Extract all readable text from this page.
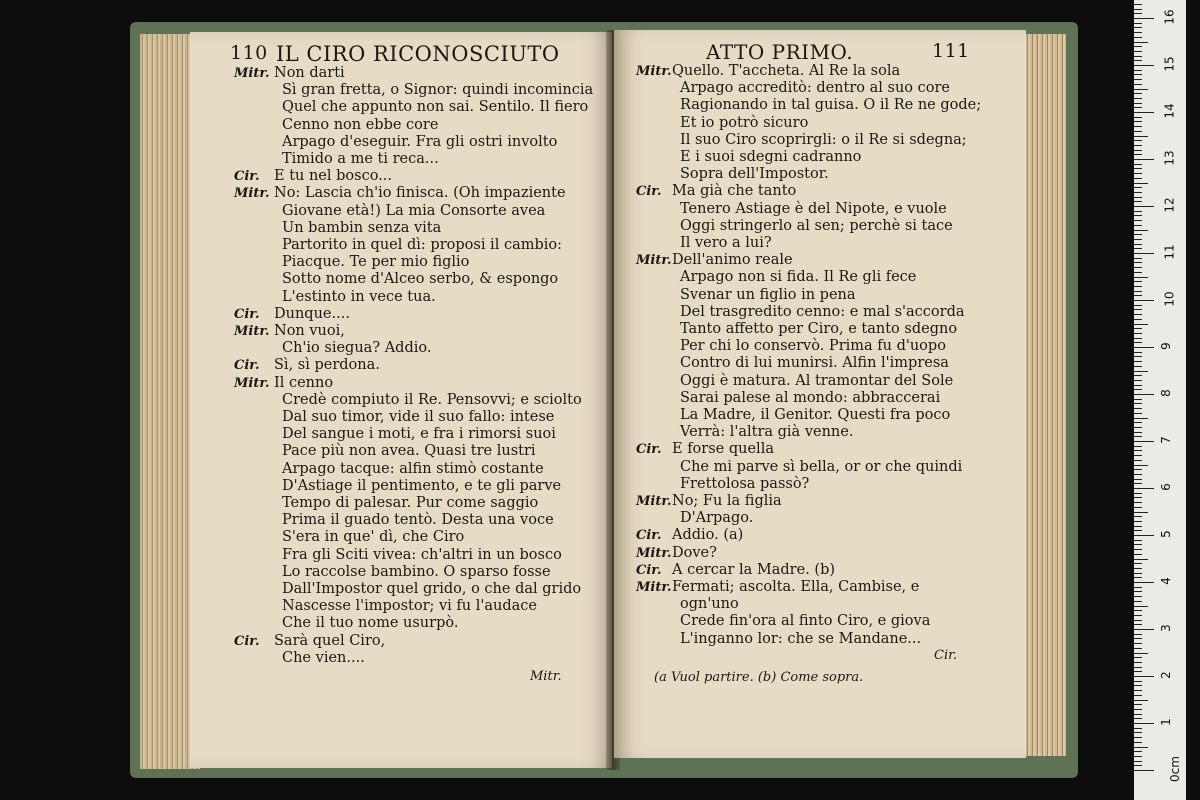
110 IL CIRO RICONOSCIUTO
Mitr. Non darti
Sì gran fretta, o Signor: quindi incomincia
Quel che appunto non sai. Sentilo. Il fiero
Cenno non ebbe core
Arpago d'eseguir. Fra gli ostri involto
Timido a me ti reca...
Cir. E tu nel bosco...
Mitr. No: Lascia ch'io finisca. (Oh impaziente
Giovane età!) La mia Consorte avea
Un bambin senza vita
Partorito in quel dì: proposi il cambio:
Piacque. Te per mio figlio
Sotto nome d'Alceo serbo, & espongo
L'estinto in vece tua.
Cir. Dunque....
Mitr. Non vuoi,
Ch'io siegua? Addio.
Cir. Sì, sì perdona.
Mitr. Il cenno
Credè compiuto il Re. Pensovvi; e sciolto
Dal suo timor, vide il suo fallo: intese
Del sangue i moti, e fra i rimorsi suoi
Pace più non avea. Quasi tre lustri
Arpago tacque: alfin stimò costante
D'Astiage il pentimento, e te gli parve
Tempo di palesar. Pur come saggio
Prima il guado tentò. Desta una voce
S'era in que' dì, che Ciro
Fra gli Sciti vivea: ch'altri in un bosco
Lo raccolse bambino. O sparso fosse
Dall'Impostor quel grido, o che dal grido
Nascesse l'impostor; vi fu l'audace
Che il tuo nome usurpò.
Cir. Sarà quel Ciro,
Che vien....
Mitr.
ATTO PRIMO.	111
Mitr. Quello. T'accheta. Al Re la sola
Arpago accreditò: dentro al suo core
Ragionando in tal guisa. O il Re ne gode;
Et io potrò sicuro
Il suo Ciro scoprirgli: o il Re si sdegna;
E i suoi sdegni cadranno
Sopra dell'Impostor.
Cir. Ma già che tanto
Tenero Astiage è del Nipote, e vuole
Oggi stringerlo al sen; perchè si tace
Il vero a lui?
Mitr. Dell'animo reale
Arpago non si fida. Il Re gli fece
Svenar un figlio in pena
Del trasgredito cenno: e mal s'accorda
Tanto affetto per Ciro, e tanto sdegno
Per chi lo conservò. Prima fu d'uopo
Contro di lui munirsi. Alfin l'impresa
Oggi è matura. Al tramontar del Sole
Sarai palese al mondo: abbraccerai
La Madre, il Genitor. Questi fra poco
Verrà: l'altra già venne.
Cir. E forse quella
Che mi parve sì bella, or or che quindi
Frettolosa passò?
Mitr. No; Fu la figlia
D'Arpago.
Cir. Addio. (a)
Mitr. Dove?
Cir. A cercar la Madre. (b)
Mitr. Fermati; ascolta. Ella, Cambise, e
ogn'uno
Crede fin'ora al finto Ciro, e giova
L'inganno lor: che se Mandane...
Cir.
(a Vuol partire. (b) Come sopra.
0cm
1
2
3
4
5
6
7
8
9
10
11
12
13
14
15
16
